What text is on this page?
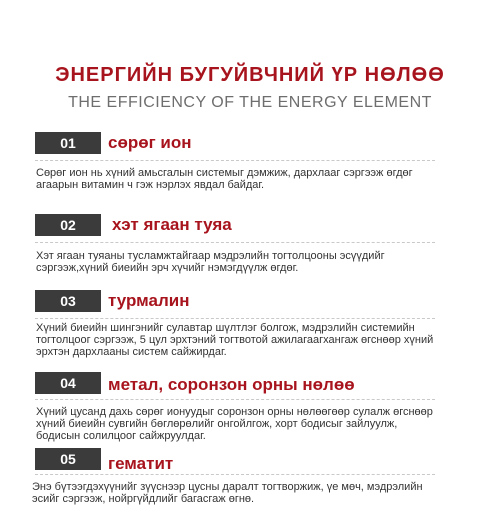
ЭНЕРГИЙН БУГУЙВЧНИЙ ҮР НӨЛӨӨ
THE EFFICIENCY OF THE ENERGY ELEMENT
01	сөрөг ион
Сөрөг ион нь хүний амьсгалын системыг дэмжиж, дархлааг сэргээж өгдөг агаарын витамин ч гэж нэрлэх явдал байдаг.
02	хэт ягаан туяа
Хэт ягаан туяаны тусламжтайгаар мэдрэлийн тогтолцооны эсүүдийг сэргээж,хүний биеийн эрч хүчийг нэмэгдүүлж өгдөг.
03	турмалин
Хүний биеийн шингэнийг сулавтар шүлтлэг болгож, мэдрэлийн системийн тогтолцоог сэргээж, 5 цул эрхтэний тогтвотой ажилагаагхангаж өгснөөр хүний эрхтэн дархлааны систем сайжирдаг.
04	метал, соронзон орны нөлөө
Хүний цусанд дахь сөрөг ионуудыг соронзон орны нөлөөгөөр сулалж өгснөөр хүний биеийн сувгийн бөглөрөлийг онгойлгож, хорт бодисыг зайлуулж, бодисын солилцоог сайжруулдаг.
05	гематит
Энэ бүтээгдэхүүнийг зүүснээр цусны даралт тогтворжиж, үе мөч, мэдрэлийн эсийг сэргээж, нойргүйдлийг багасгаж өгнө.
